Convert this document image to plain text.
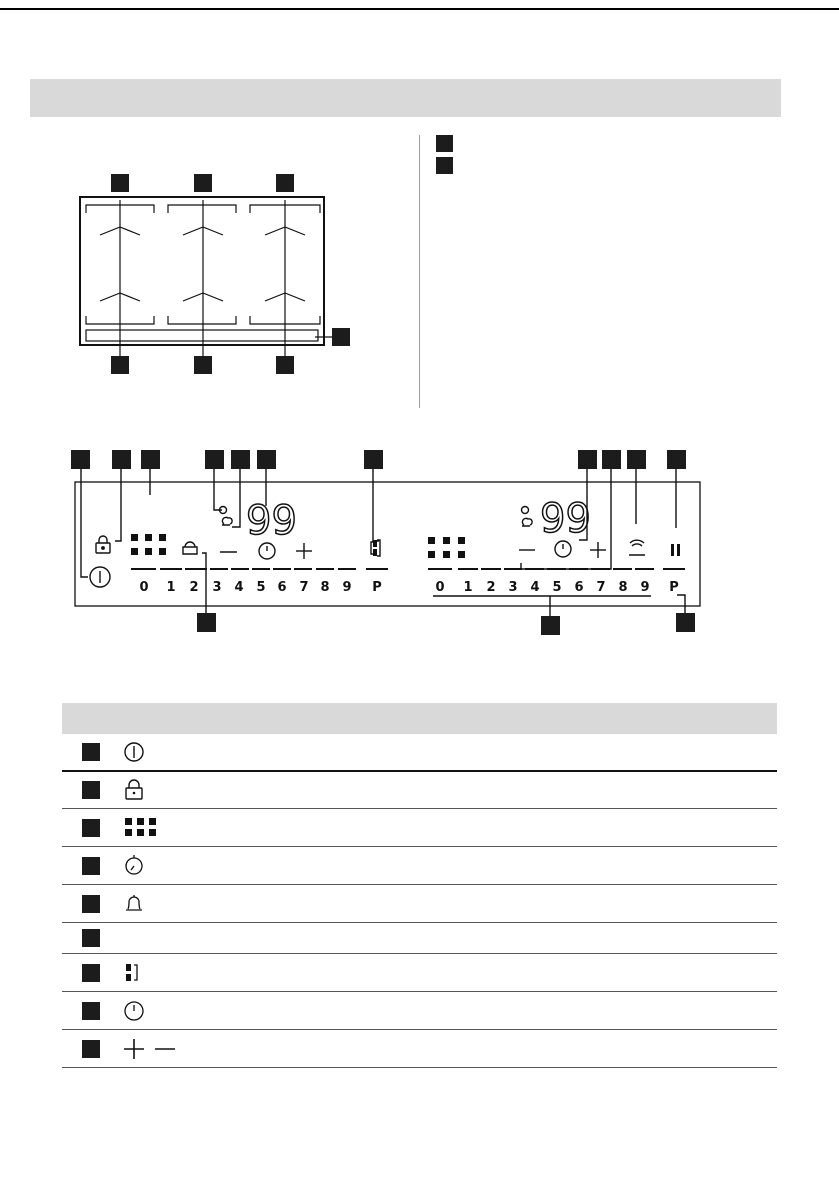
99	99
0 1 2 3 4 5 6 7 8 9 P	0 1 2 3 4 5 6 7 8 9 P
